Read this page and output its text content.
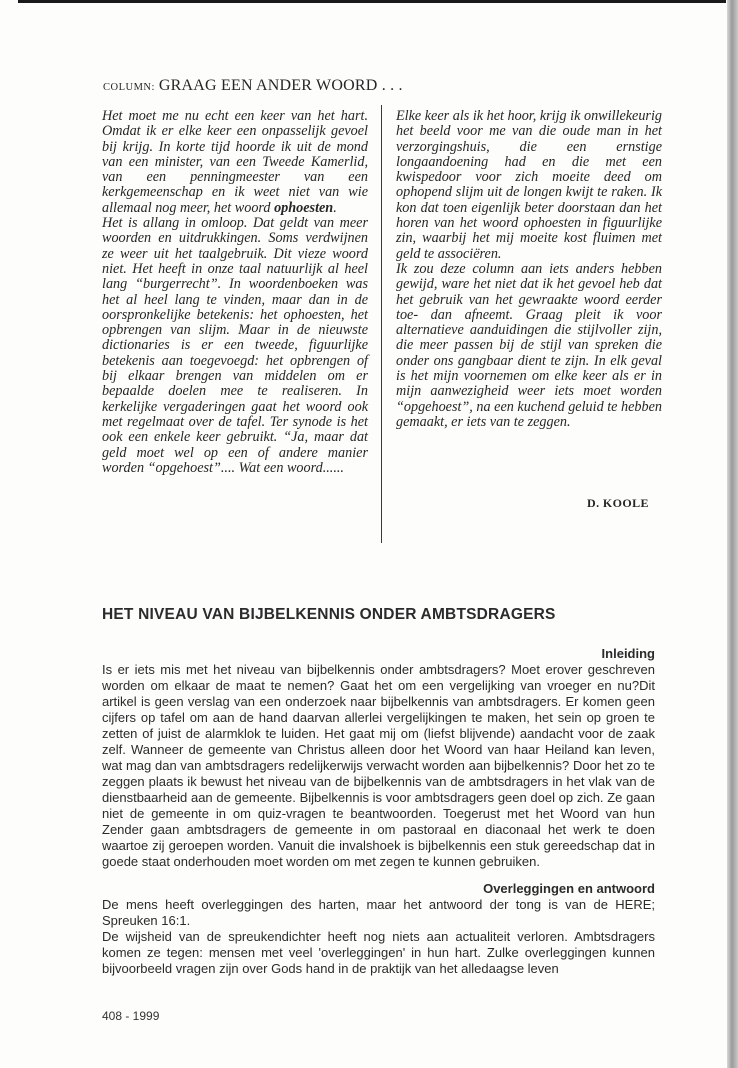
COLUMN: GRAAG EEN ANDER WOORD . . .

Het moet me nu echt een keer van het hart. Omdat ik er elke keer een onpasselijk gevoel bij krijg. In korte tijd hoorde ik uit de mond van een minister, van een Tweede Kamerlid, van een penningmeester van een kerkgemeenschap en ik weet niet van wie allemaal nog meer, het woord ophoesten.

Het is allang in omloop. Dat geldt van meer woorden en uitdrukkingen. Soms verdwijnen ze weer uit het taalgebruik. Dit vieze woord niet. Het heeft in onze taal natuurlijk al heel lang “burgerrecht”. In woordenboeken was het al heel lang te vinden, maar dan in de oorspronkelijke betekenis: het ophoesten, het opbrengen van slijm. Maar in de nieuwste dictionaries is er een tweede, figuurlijke betekenis aan toegevoegd: het opbrengen of bij elkaar brengen van middelen om er bepaalde doelen mee te realiseren. In kerkelijke vergaderingen gaat het woord ook met regelmaat over de tafel. Ter synode is het ook een enkele keer gebruikt. “Ja, maar dat geld moet wel op een of andere manier worden “opgehoest”.... Wat een woord......

Elke keer als ik het hoor, krijg ik onwillekeurig het beeld voor me van die oude man in het verzorgingshuis, die een ernstige longaandoening had en die met een kwispedoor voor zich moeite deed om ophopend slijm uit de longen kwijt te raken. Ik kon dat toen eigenlijk beter doorstaan dan het horen van het woord ophoesten in figuurlijke zin, waarbij het mij moeite kost fluimen met geld te associëren.

Ik zou deze column aan iets anders hebben gewijd, ware het niet dat ik het gevoel heb dat het gebruik van het gewraakte woord eerder toe- dan afneemt. Graag pleit ik voor alternatieve aanduidingen die stijlvoller zijn, die meer passen bij de stijl van spreken die onder ons gangbaar dient te zijn. In elk geval is het mijn voornemen om elke keer als er in mijn aanwezigheid weer iets moet worden “opgehoest”, na een kuchend geluid te hebben gemaakt, er iets van te zeggen.

D. KOOLE
HET NIVEAU VAN BIJBELKENNIS ONDER AMBTSDRAGERS
Inleiding

Is er iets mis met het niveau van bijbelkennis onder ambtsdragers? Moet erover geschreven worden om elkaar de maat te nemen? Gaat het om een vergelijking van vroeger en nu?Dit artikel is geen verslag van een onderzoek naar bijbelkennis van ambtsdragers. Er komen geen cijfers op tafel om aan de hand daarvan allerlei vergelijkingen te maken, het sein op groen te zetten of juist de alarmklok te luiden. Het gaat mij om (liefst blijvende) aandacht voor de zaak zelf. Wanneer de gemeente van Christus alleen door het Woord van haar Heiland kan leven, wat mag dan van ambtsdragers redelijkerwijs verwacht worden aan bijbelkennis? Door het zo te zeggen plaats ik bewust het niveau van de bijbelkennis van de ambtsdragers in het vlak van de dienstbaarheid aan de gemeente. Bijbelkennis is voor ambtsdragers geen doel op zich. Ze gaan niet de gemeente in om quiz-vragen te beantwoorden. Toegerust met het Woord van hun Zender gaan ambtsdragers de gemeente in om pastoraal en diaconaal het werk te doen waartoe zij geroepen worden. Vanuit die invalshoek is bijbelkennis een stuk gereedschap dat in goede staat onderhouden moet worden om met zegen te kunnen gebruiken.

Overleggingen en antwoord

De mens heeft overleggingen des harten, maar het antwoord der tong is van de HERE; Spreuken 16:1.

De wijsheid van de spreukendichter heeft nog niets aan actualiteit verloren. Ambtsdragers komen ze tegen: mensen met veel 'overleggingen' in hun hart. Zulke overleggingen kunnen bijvoorbeeld vragen zijn over Gods hand in de praktijk van het alledaagse leven

408 - 1999
